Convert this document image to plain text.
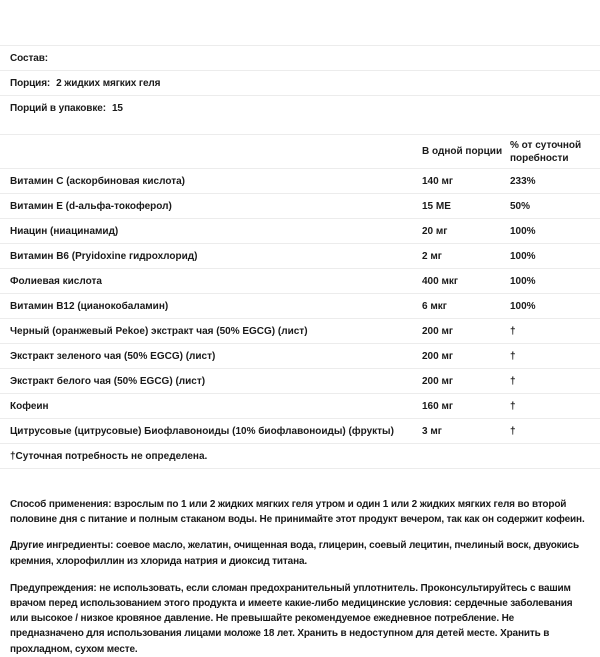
Состав:
Порция: 2 жидких мягких геля
Порций в упаковке: 15
В одной порции
% от суточной поребности
Витамин C (аскорбиновая кислота)	140 мг	233%
Витамин E (d-альфа-токоферол)	15 МЕ	50%
Ниацин (ниацинамид)	20 мг	100%
Витамин B6 (Pryidoxine гидрохлорид)	2 мг	100%
Фолиевая кислота	400 мкг	100%
Витамин B12 (цианокобаламин)	6 мкг	100%
Черный (оранжевый Pekoe) экстракт чая (50% EGCG) (лист)	200 мг	†
Экстракт зеленого чая (50% EGCG) (лист)	200 мг	†
Экстракт белого чая (50% EGCG) (лист)	200 мг	†
Кофеин	160 мг	†
Цитрусовые (цитрусовые) Биофлавоноиды (10% биофлавоноиды) (фрукты)	3 мг	†
†Суточная потребность не определена.

Способ применения: взрослым по 1 или 2 жидких мягких геля утром и один 1 или 2 жидких мягких геля во второй половине дня с питание и полным стаканом воды. Не принимайте этот продукт вечером, так как он содержит кофеин.

Другие ингредиенты: соевое масло, желатин, очищенная вода, глицерин, соевый лецитин, пчелиный воск, двуокись кремния, хлорофиллин из хлорида натрия и диоксид титана.

Предупреждения: не использовать, если сломан предохранительный уплотнитель. Проконсультируйтесь с вашим врачом перед использованием этого продукта и имеете какие-либо медицинские условия: сердечные заболевания или высокое / низкое кровяное давление. Не превышайте рекомендуемое ежедневное потребление. Не предназначено для использования лицами моложе 18 лет. Хранить в недоступном для детей месте. Хранить в прохладном, сухом месте.
